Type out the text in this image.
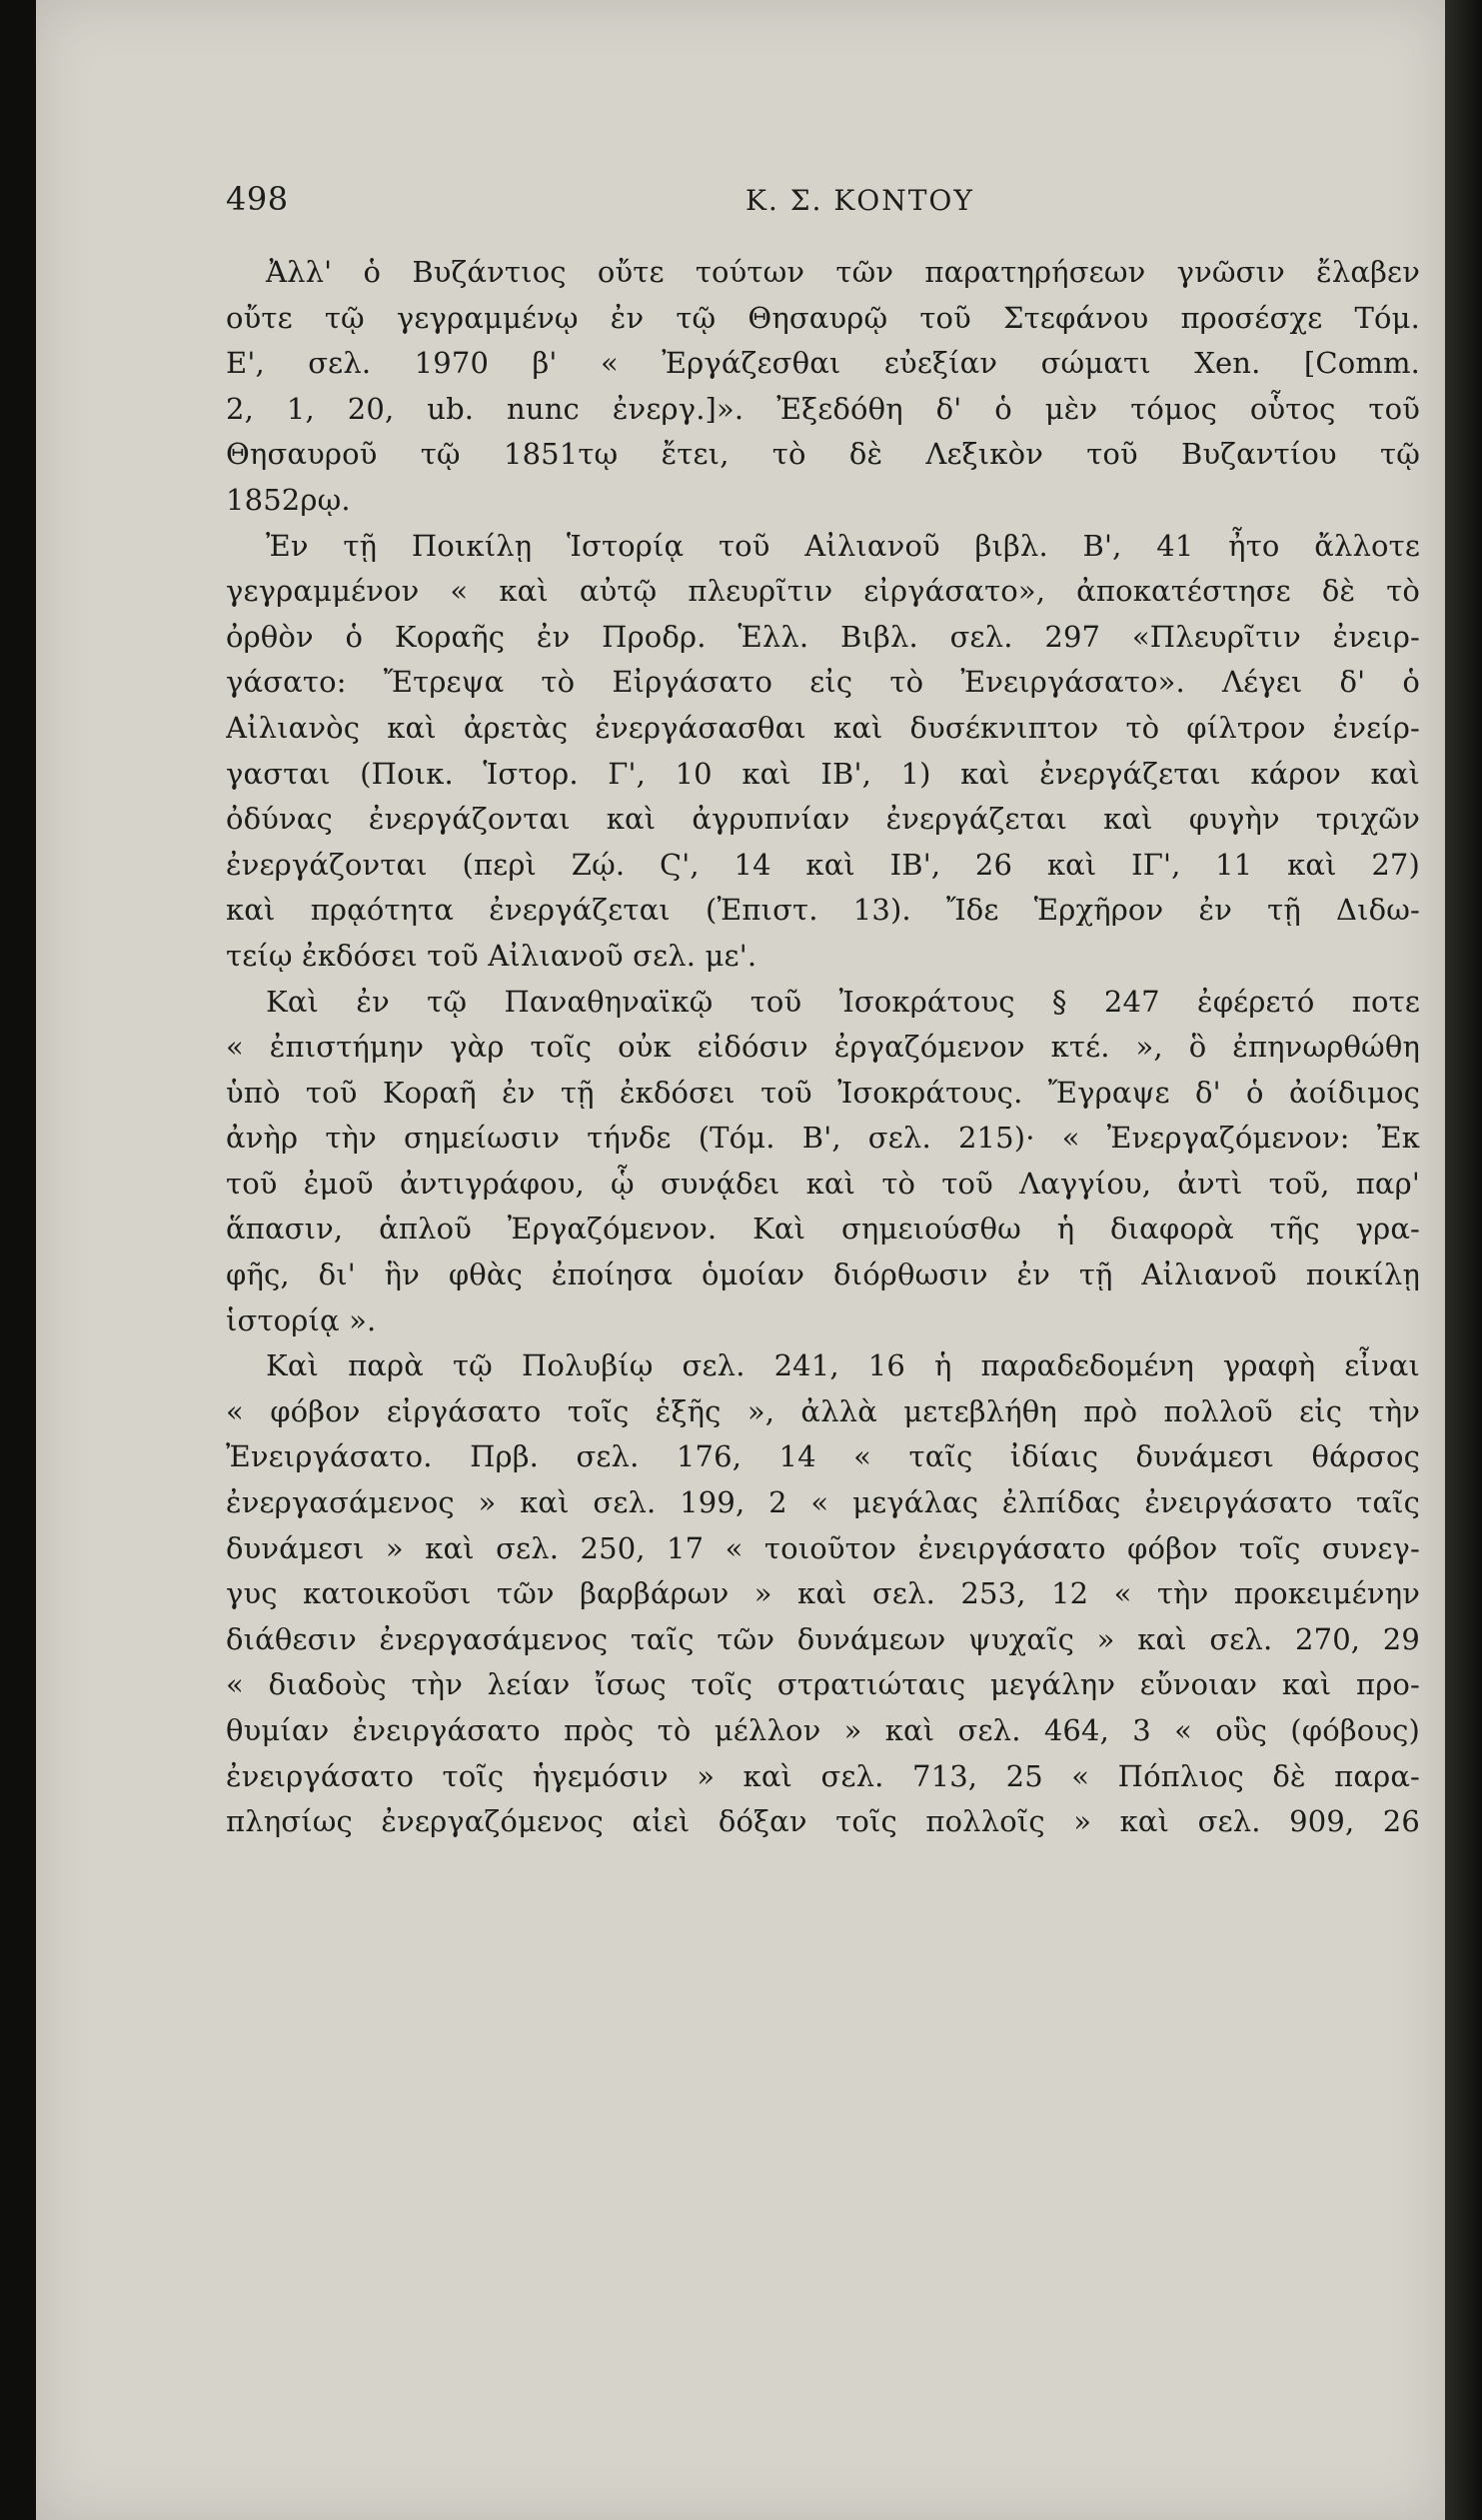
498	Κ. Σ. ΚΟΝΤΟΥ
Ἀλλ' ὁ Βυζάντιος οὔτε τούτων τῶν παρατηρήσεων γνῶσιν ἔλαβεν
οὔτε τῷ γεγραμμένῳ ἐν τῷ Θησαυρῷ τοῦ Στεφάνου προσέσχε Τόμ.
Ε', σελ. 1970 β' « Ἐργάζεσθαι εὐεξίαν σώματι Xen. [Comm.
2, 1, 20, ub. nunc ἐνεργ.]». Ἐξεδόθη δ' ὁ μὲν τόμος οὗτος τοῦ
Θησαυροῦ τῷ 1851τῳ ἔτει, τὸ δὲ Λεξικὸν τοῦ Βυζαντίου τῷ
1852ρῳ.
Ἐν τῇ Ποικίλῃ Ἱστορίᾳ τοῦ Αἰλιανοῦ βιβλ. Β', 41 ἦτο ἄλλοτε
γεγραμμένον « καὶ αὐτῷ πλευρῖτιν εἰργάσατο», ἀποκατέστησε δὲ τὸ
ὀρθὸν ὁ Κοραῆς ἐν Προδρ. Ἑλλ. Βιβλ. σελ. 297 «Πλευρῖτιν ἐνειρ-
γάσατο: Ἔτρεψα τὸ Εἰργάσατο εἰς τὸ Ἐνειργάσατο». Λέγει δ' ὁ
Αἰλιανὸς καὶ ἀρετὰς ἐνεργάσασθαι καὶ δυσέκνιπτον τὸ φίλτρον ἐνείρ-
γασται (Ποικ. Ἱστορ. Γ', 10 καὶ ΙΒ', 1) καὶ ἐνεργάζεται κάρον καὶ
ὀδύνας ἐνεργάζονται καὶ ἀγρυπνίαν ἐνεργάζεται καὶ φυγὴν τριχῶν
ἐνεργάζονται (περὶ Ζῴ. Ϛ', 14 καὶ ΙΒ', 26 καὶ ΙΓ', 11 καὶ 27)
καὶ πρᾳότητα ἐνεργάζεται (Ἐπιστ. 13). Ἴδε Ἑρχῆρον ἐν τῇ Διδω-
τείῳ ἐκδόσει τοῦ Αἰλιανοῦ σελ. με'.
Καὶ ἐν τῷ Παναθηναϊκῷ τοῦ Ἰσοκράτους § 247 ἐφέρετό ποτε
« ἐπιστήμην γὰρ τοῖς οὐκ εἰδόσιν ἐργαζόμενον κτέ. », ὃ ἐπηνωρθώθη
ὑπὸ τοῦ Κοραῆ ἐν τῇ ἐκδόσει τοῦ Ἰσοκράτους. Ἔγραψε δ' ὁ ἀοίδιμος
ἀνὴρ τὴν σημείωσιν τήνδε (Τόμ. Β', σελ. 215)· « Ἐνεργαζόμενον: Ἐκ
τοῦ ἐμοῦ ἀντιγράφου, ᾧ συνᾴδει καὶ τὸ τοῦ Λαγγίου, ἀντὶ τοῦ, παρ'
ἅπασιν, ἁπλοῦ Ἐργαζόμενον. Καὶ σημειούσθω ἡ διαφορὰ τῆς γρα-
φῆς, δι' ἣν φθὰς ἐποίησα ὁμοίαν διόρθωσιν ἐν τῇ Αἰλιανοῦ ποικίλῃ
ἱστορίᾳ ».
Καὶ παρὰ τῷ Πολυβίῳ σελ. 241, 16 ἡ παραδεδομένη γραφὴ εἶναι
« φόβον εἰργάσατο τοῖς ἑξῆς », ἀλλὰ μετεβλήθη πρὸ πολλοῦ εἰς τὴν
Ἐνειργάσατο. Πρβ. σελ. 176, 14 « ταῖς ἰδίαις δυνάμεσι θάρσος
ἐνεργασάμενος » καὶ σελ. 199, 2 « μεγάλας ἐλπίδας ἐνειργάσατο ταῖς
δυνάμεσι » καὶ σελ. 250, 17 « τοιοῦτον ἐνειργάσατο φόβον τοῖς συνεγ-
γυς κατοικοῦσι τῶν βαρβάρων » καὶ σελ. 253, 12 « τὴν προκειμένην
διάθεσιν ἐνεργασάμενος ταῖς τῶν δυνάμεων ψυχαῖς » καὶ σελ. 270, 29
« διαδοὺς τὴν λείαν ἴσως τοῖς στρατιώταις μεγάλην εὔνοιαν καὶ προ-
θυμίαν ἐνειργάσατο πρὸς τὸ μέλλον » καὶ σελ. 464, 3 « οὓς (φόβους)
ἐνειργάσατο τοῖς ἡγεμόσιν » καὶ σελ. 713, 25 « Πόπλιος δὲ παρα-
πλησίως ἐνεργαζόμενος αἰεὶ δόξαν τοῖς πολλοῖς » καὶ σελ. 909, 26
